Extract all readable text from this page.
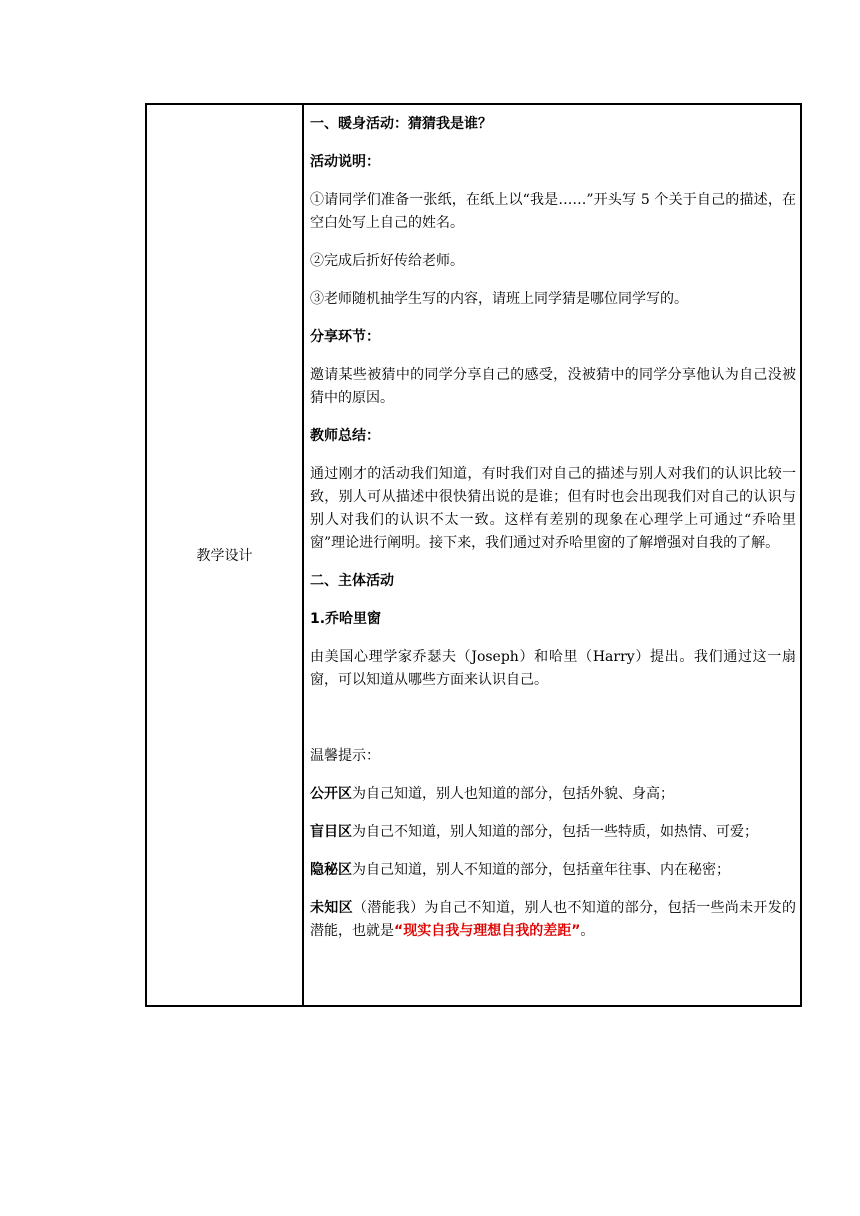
教学设计

一、暖身活动：猜猜我是谁？

活动说明：

①请同学们准备一张纸，在纸上以“我是……”开头写 5 个关于自己的描述，在空白处写上自己的姓名。

②完成后折好传给老师。

③老师随机抽学生写的内容，请班上同学猜是哪位同学写的。

分享环节：

邀请某些被猜中的同学分享自己的感受，没被猜中的同学分享他认为自己没被猜中的原因。

教师总结：

通过刚才的活动我们知道，有时我们对自己的描述与别人对我们的认识比较一致，别人可从描述中很快猜出说的是谁；但有时也会出现我们对自己的认识与别人对我们的认识不太一致。这样有差别的现象在心理学上可通过“乔哈里窗”理论进行阐明。接下来，我们通过对乔哈里窗的了解增强对自我的了解。

二、主体活动

1.乔哈里窗

由美国心理学家乔瑟夫（Joseph）和哈里（Harry）提出。我们通过这一扇窗，可以知道从哪些方面来认识自己。

温馨提示：

公开区为自己知道，别人也知道的部分，包括外貌、身高；

盲目区为自己不知道，别人知道的部分，包括一些特质，如热情、可爱；

隐秘区为自己知道，别人不知道的部分，包括童年往事、内在秘密；

未知区（潜能我）为自己不知道，别人也不知道的部分，包括一些尚未开发的潜能，也就是“现实自我与理想自我的差距”。
